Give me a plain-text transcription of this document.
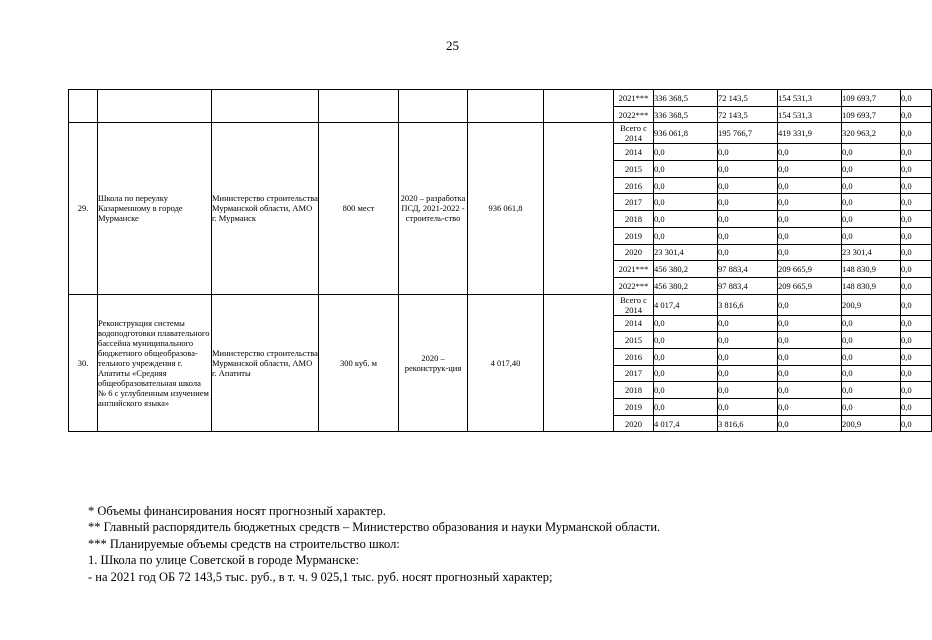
25
							2021***	336 368,5	72 143,5	154 531,3	109 693,7	0,0
							2022***	336 368,5	72 143,5	154 531,3	109 693,7	0,0
29.	Школа по переулку Казарменному в городе Мурманске	Министерство строительства Мурманской области, АМО г. Мурманск	800 мест	2020 – разработка ПСД, 2021-2022 - строитель-ство	936 061,8		Всего с 2014	936 061,8	195 766,7	419 331,9	320 963,2	0,0
							2014	0,0	0,0	0,0	0,0	0,0
							2015	0,0	0,0	0,0	0,0	0,0
							2016	0,0	0,0	0,0	0,0	0,0
							2017	0,0	0,0	0,0	0,0	0,0
							2018	0,0	0,0	0,0	0,0	0,0
							2019	0,0	0,0	0,0	0,0	0,0
							2020	23 301,4	0,0	0,0	23 301,4	0,0
							2021***	456 380,2	97 883,4	209 665,9	148 830,9	0,0
							2022***	456 380,2	97 883,4	209 665,9	148 830,9	0,0
30.	Реконструкция системы водоподготовки плавательного бассейна муниципального бюджетного общеобразова-тельного учреждения г. Апатиты «Средняя общеобразовательная школа № 6 с углубленным изучением английского языка»	Министерство строительства Мурманской области, АМО г. Апатиты	300 куб. м	2020 – реконструк-ция	4 017,40		Всего с 2014	4 017,4	3 816,6	0,0	200,9	0,0
							2014	0,0	0,0	0,0	0,0	0,0
							2015	0,0	0,0	0,0	0,0	0,0
							2016	0,0	0,0	0,0	0,0	0,0
							2017	0,0	0,0	0,0	0,0	0,0
							2018	0,0	0,0	0,0	0,0	0,0
							2019	0,0	0,0	0,0	0,0	0,0
							2020	4 017,4	3 816,6	0,0	200,9	0,0
* Объемы финансирования носят прогнозный характер.
** Главный распорядитель бюджетных средств – Министерство образования и науки Мурманской области.
*** Планируемые объемы средств на строительство школ:
1. Школа по улице Советской в городе Мурманске:
- на 2021 год ОБ 72 143,5 тыс. руб., в т. ч. 9 025,1 тыс. руб. носят прогнозный характер;
